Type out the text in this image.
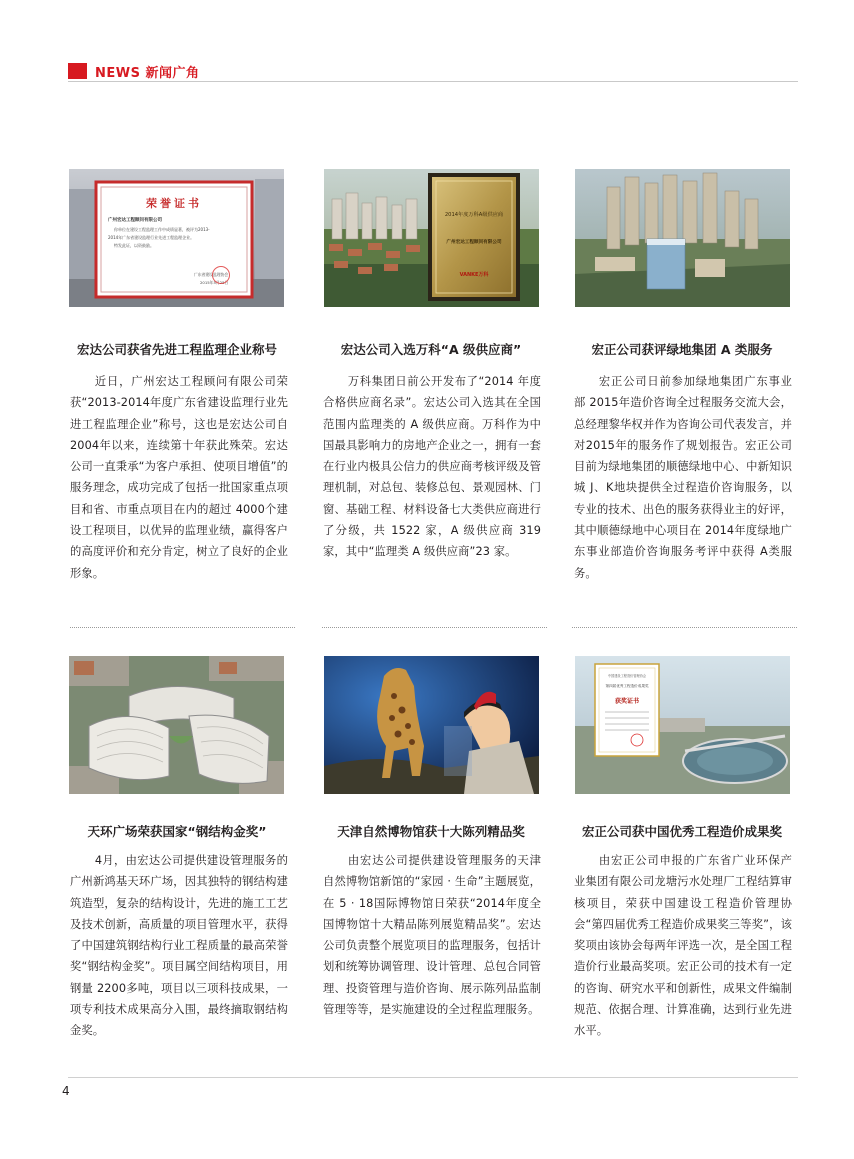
NEWS 新闻广角
荣誉证书
广州宏达工程顾问有限公司
你单位在建设工程监理工作中成绩显著，被评为2013-
2014年广东省建设监理行业先进工程监理企业。
特发此证，以资鼓励。
广东省建设监理协会
2015年5月25日
2014年度万科A级供应商
广州宏达工程顾问有限公司
VANKE万科
宏达公司获省先进工程监理企业称号	宏达公司入选万科“A 级供应商”	宏正公司获评绿地集团 A 类服务
近日，广州宏达工程顾问有限公司荣获“2013-2014年度广东省建设监理行业先进工程监理企业”称号，这也是宏达公司自 2004年以来，连续第十年获此殊荣。宏达公司一直秉承“为客户承担、使项目增值”的服务理念，成功完成了包括一批国家重点项目和省、市重点项目在内的超过 4000个建设工程项目，以优异的监理业绩，赢得客户的高度评价和充分肯定，树立了良好的企业形象。
万科集团日前公开发布了“2014 年度合格供应商名录”。宏达公司入选其在全国范围内监理类的 A 级供应商。万科作为中国最具影响力的房地产企业之一，拥有一套在行业内极具公信力的供应商考核评级及管理机制，对总包、装修总包、景观园林、门窗、基础工程、材料设备七大类供应商进行了分级，共 1522 家，A 级供应商 319 家，其中“监理类 A 级供应商”23 家。
宏正公司日前参加绿地集团广东事业部 2015年造价咨询全过程服务交流大会，总经理黎华权并作为咨询公司代表发言，并对2015年的服务作了规划报告。宏正公司目前为绿地集团的顺德绿地中心、中新知识城 J、K地块提供全过程造价咨询服务，以专业的技术、出色的服务获得业主的好评，其中顺德绿地中心项目在 2014年度绿地广东事业部造价咨询服务考评中获得 A类服务。
中国建设工程造价管理协会
第四届优秀工程造价成果奖
获奖证书
天环广场荣获国家“钢结构金奖”	天津自然博物馆获十大陈列精品奖	宏正公司获中国优秀工程造价成果奖
4月，由宏达公司提供建设管理服务的广州新鸿基天环广场，因其独特的钢结构建筑造型，复杂的结构设计，先进的施工工艺及技术创新，高质量的项目管理水平，获得了中国建筑钢结构行业工程质量的最高荣誉奖“钢结构金奖”。项目属空间结构项目，用钢量 2200多吨，项目以三项科技成果，一项专利技术成果高分入围，最终摘取钢结构金奖。
由宏达公司提供建设管理服务的天津自然博物馆新馆的“家园 · 生命”主题展览，在 5 · 18国际博物馆日荣获“2014年度全国博物馆十大精品陈列展览精品奖”。宏达公司负责整个展览项目的监理服务，包括计划和统筹协调管理、设计管理、总包合同管理、投资管理与造价咨询、展示陈列品监制管理等等，是实施建设的全过程监理服务。
由宏正公司申报的广东省广业环保产业集团有限公司龙塘污水处理厂工程结算审核项目，荣获中国建设工程造价管理协会“第四届优秀工程造价成果奖三等奖”，该奖项由该协会每两年评选一次，是全国工程造价行业最高奖项。宏正公司的技术有一定的咨询、研究水平和创新性，成果文件编制规范、依据合理、计算准确，达到行业先进水平。
4
